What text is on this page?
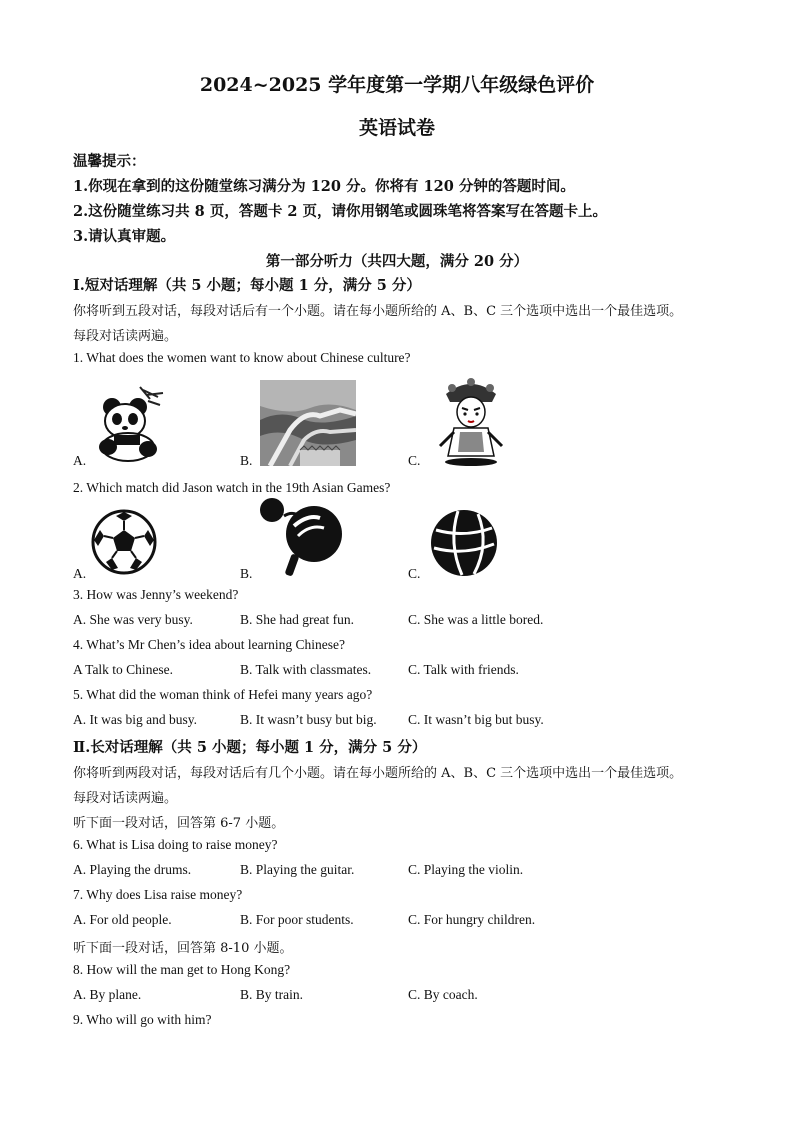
2024~2025 学年度第一学期八年级绿色评价
英语试卷
温馨提示：
1.你现在拿到的这份随堂练习满分为 120 分。你将有 120 分钟的答题时间。
2.这份随堂练习共 8 页，答题卡 2 页，请你用钢笔或圆珠笔将答案写在答题卡上。
3.请认真审题。
第一部分听力（共四大题，满分 20 分）
Ⅰ.短对话理解（共 5 小题；每小题 1 分，满分 5 分）
你将听到五段对话，每段对话后有一个小题。请在每小题所给的 A、B、C 三个选项中选出一个最佳选项。
每段对话读两遍。
1. What does the women want to know about Chinese culture?
A.	B.	C.
2. Which match did Jason watch in the 19th Asian Games?
A.	B.	C.
3. How was Jenny’s weekend?
A. She was very busy.	B. She had great fun.	C. She was a little bored.
4. What’s Mr Chen’s idea about learning Chinese?
A Talk to Chinese.	B. Talk with classmates.	C. Talk with friends.
5. What did the woman think of Hefei many years ago?
A. It was big and busy.	B. It wasn’t busy but big. C. It wasn’t big but busy.
Ⅱ.长对话理解（共 5 小题；每小题 1 分，满分 5 分）
你将听到两段对话，每段对话后有几个小题。请在每小题所给的 A、B、C 三个选项中选出一个最佳选项。
每段对话读两遍。
听下面一段对话，回答第 6-7 小题。
6. What is Lisa doing to raise money?
A. Playing the drums.	B. Playing the guitar.	C. Playing the violin.
7. Why does Lisa raise money?
A. For old people.	B. For poor students.	C. For hungry children.
听下面一段对话，回答第 8-10 小题。
8. How will the man get to Hong Kong?
A. By plane.	B. By train.	C. By coach.
9. Who will go with him?
